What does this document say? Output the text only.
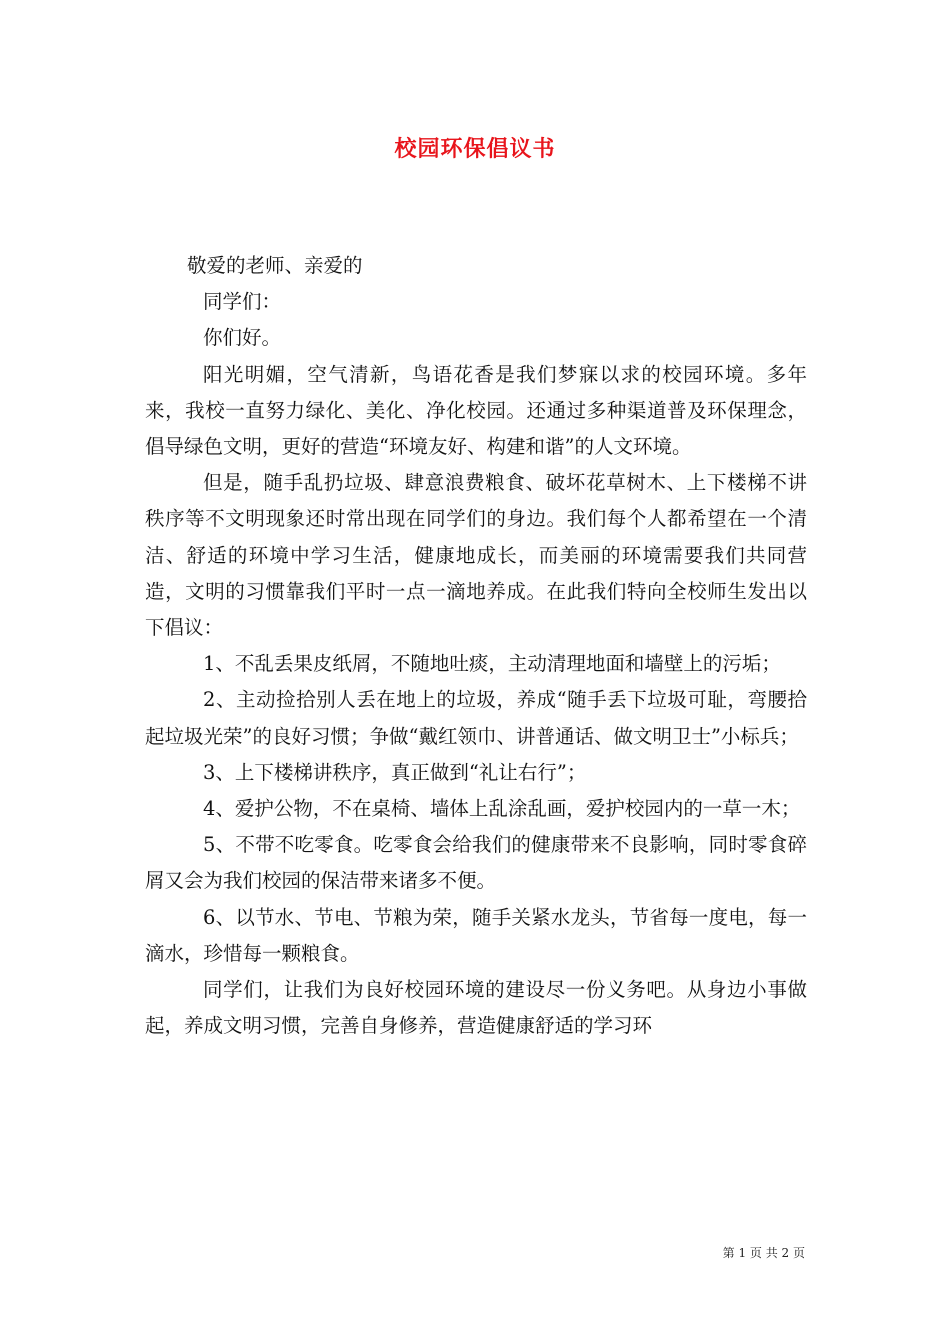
校园环保倡议书

敬爱的老师、亲爱的

同学们：

你们好。

阳光明媚，空气清新，鸟语花香是我们梦寐以求的校园环境。多年来，我校一直努力绿化、美化、净化校园。还通过多种渠道普及环保理念，倡导绿色文明，更好的营造“环境友好、构建和谐”的人文环境。

但是，随手乱扔垃圾、肆意浪费粮食、破坏花草树木、上下楼梯不讲秩序等不文明现象还时常出现在同学们的身边。我们每个人都希望在一个清洁、舒适的环境中学习生活，健康地成长，而美丽的环境需要我们共同营造，文明的习惯靠我们平时一点一滴地养成。在此我们特向全校师生发出以下倡议：

1、不乱丢果皮纸屑，不随地吐痰，主动清理地面和墙壁上的污垢；

2、主动捡拾别人丢在地上的垃圾，养成“随手丢下垃圾可耻，弯腰拾起垃圾光荣”的良好习惯；争做“戴红领巾、讲普通话、做文明卫士”小标兵；

3、上下楼梯讲秩序，真正做到“礼让右行”；

4、爱护公物，不在桌椅、墙体上乱涂乱画，爱护校园内的一草一木；

5、不带不吃零食。吃零食会给我们的健康带来不良影响，同时零食碎屑又会为我们校园的保洁带来诸多不便。

6、以节水、节电、节粮为荣，随手关紧水龙头，节省每一度电，每一滴水，珍惜每一颗粮食。

同学们，让我们为良好校园环境的建设尽一份义务吧。从身边小事做起，养成文明习惯，完善自身修养，营造健康舒适的学习环

第 1 页 共 2 页
